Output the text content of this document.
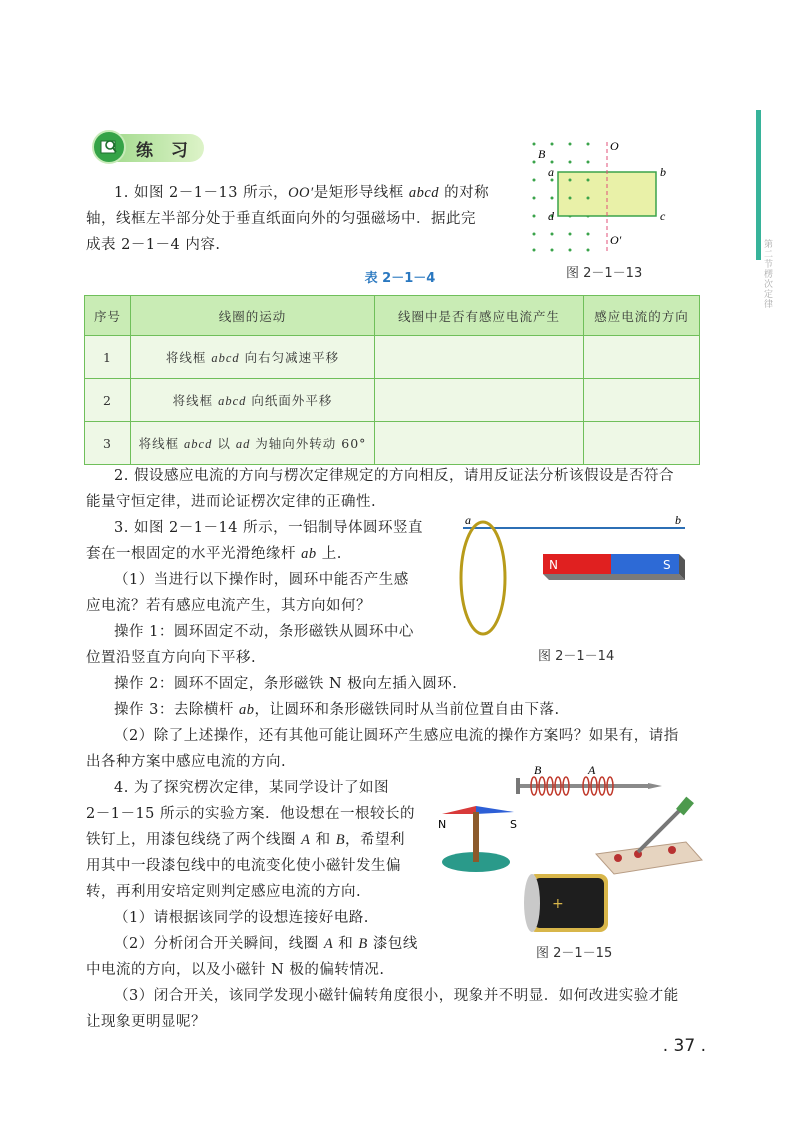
第二节 楞次定律
练 习

1. 如图 2－1－13 所示，OO′是矩形导线框 abcd 的对称

轴，线框左半部分处于垂直纸面向外的匀强磁场中．据此完

成表 2－1－4 内容.

O
O′
B
a	b
c
d
图 2－1－13
表 2－1－4
序号	线圈的运动	线圈中是否有感应电流产生	感应电流的方向
1	将线框 abcd 向右匀减速平移		
2	将线框 abcd 向纸面外平移		
3	将线框 abcd 以 ad 为轴向外转动 60°		

2. 假设感应电流的方向与楞次定律规定的方向相反，请用反证法分析该假设是否符合

能量守恒定律，进而论证楞次定律的正确性.

3. 如图 2－1－14 所示，一铝制导体圆环竖直

套在一根固定的水平光滑绝缘杆 ab 上.

（1）当进行以下操作时，圆环中能否产生感

应电流？若有感应电流产生，其方向如何？

操作 1：圆环固定不动，条形磁铁从圆环中心

位置沿竖直方向向下平移.

操作 2：圆环不固定，条形磁铁 N 极向左插入圆环.

操作 3：去除横杆 ab，让圆环和条形磁铁同时从当前位置自由下落.

（2）除了上述操作，还有其他可能让圆环产生感应电流的操作方案吗？如果有，请指

出各种方案中感应电流的方向.

a	b
N	S
图 2－1－14

4. 为了探究楞次定律，某同学设计了如图

2－1－15 所示的实验方案．他设想在一根较长的

铁钉上，用漆包线绕了两个线圈 A 和 B，希望利

用其中一段漆包线中的电流变化使小磁针发生偏

转，再利用安培定则判定感应电流的方向.

（1）请根据该同学的设想连接好电路.

（2）分析闭合开关瞬间，线圈 A 和 B 漆包线

中电流的方向，以及小磁针 N 极的偏转情况.

（3）闭合开关，该同学发现小磁针偏转角度很小，现象并不明显．如何改进实验才能

让现象更明显呢？

B	A
N	S
+
图 2－1－15
. 37 .
